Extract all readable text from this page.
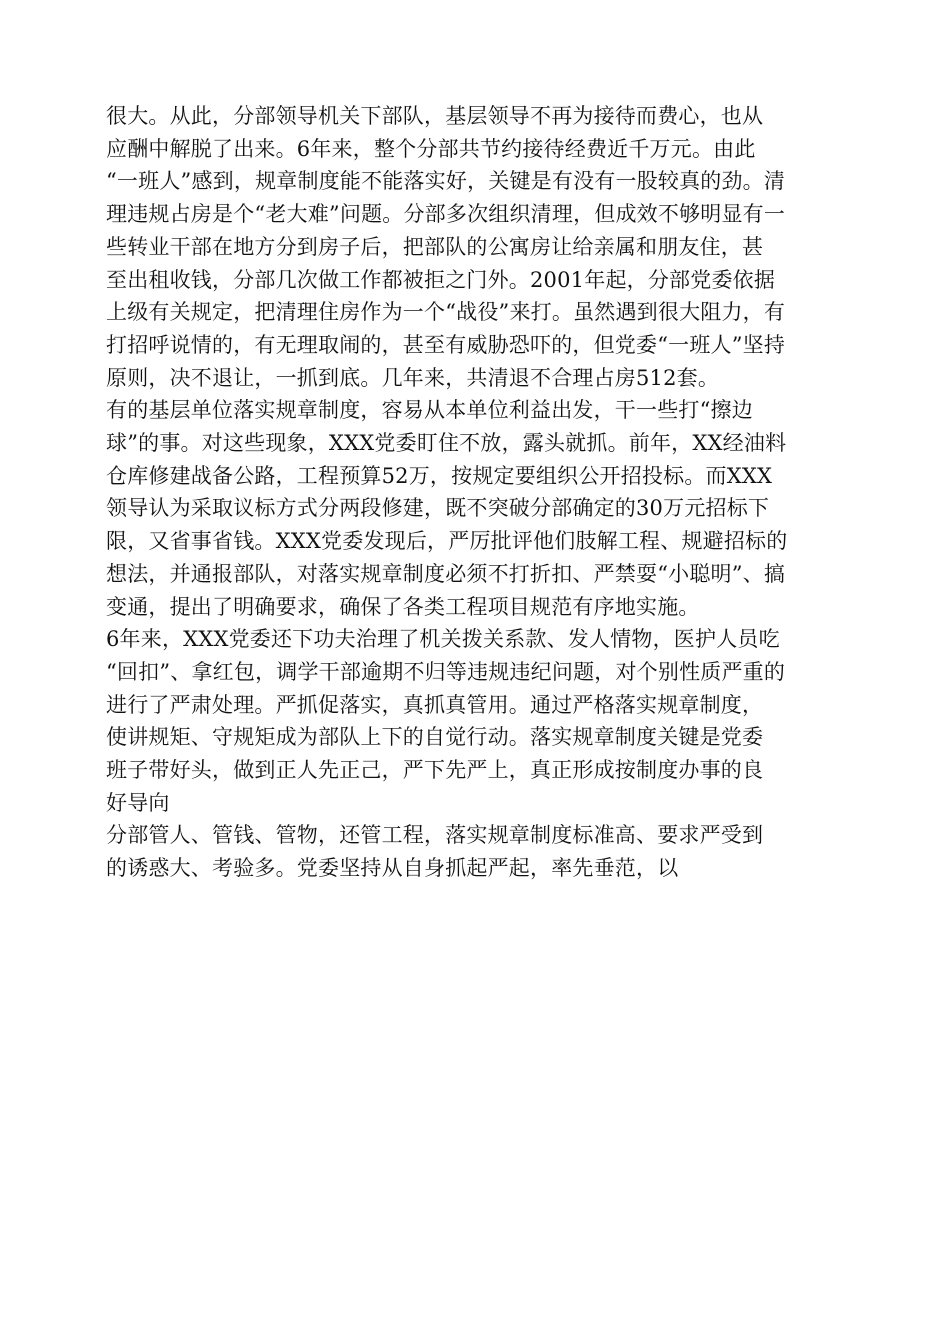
很大。从此，分部领导机关下部队，基层领导不再为接待而费心，也从
应酬中解脱了出来。6年来，整个分部共节约接待经费近千万元。由此
“一班人”感到，规章制度能不能落实好，关键是有没有一股较真的劲。清
理违规占房是个“老大难”问题。分部多次组织清理，但成效不够明显有一
些转业干部在地方分到房子后，把部队的公寓房让给亲属和朋友住，甚
至出租收钱，分部几次做工作都被拒之门外。2001年起，分部党委依据
上级有关规定，把清理住房作为一个“战役”来打。虽然遇到很大阻力，有
打招呼说情的，有无理取闹的，甚至有威胁恐吓的，但党委“一班人”坚持
原则，决不退让，一抓到底。几年来，共清退不合理占房512套。
有的基层单位落实规章制度，容易从本单位利益出发，干一些打“擦边
球”的事。对这些现象，XXX党委盯住不放，露头就抓。前年，XX经油料
仓库修建战备公路，工程预算52万，按规定要组织公开招投标。而XXX
领导认为采取议标方式分两段修建，既不突破分部确定的30万元招标下
限，又省事省钱。XXX党委发现后，严厉批评他们肢解工程、规避招标的
想法，并通报部队，对落实规章制度必须不打折扣、严禁耍“小聪明”、搞
变通，提出了明确要求，确保了各类工程项目规范有序地实施。
6年来，XXX党委还下功夫治理了机关拨关系款、发人情物，医护人员吃
“回扣”、拿红包，调学干部逾期不归等违规违纪问题，对个别性质严重的
进行了严肃处理。严抓促落实，真抓真管用。通过严格落实规章制度，
使讲规矩、守规矩成为部队上下的自觉行动。落实规章制度关键是党委
班子带好头，做到正人先正己，严下先严上，真正形成按制度办事的良
好导向
分部管人、管钱、管物，还管工程，落实规章制度标准高、要求严受到
的诱惑大、考验多。党委坚持从自身抓起严起，率先垂范，以
